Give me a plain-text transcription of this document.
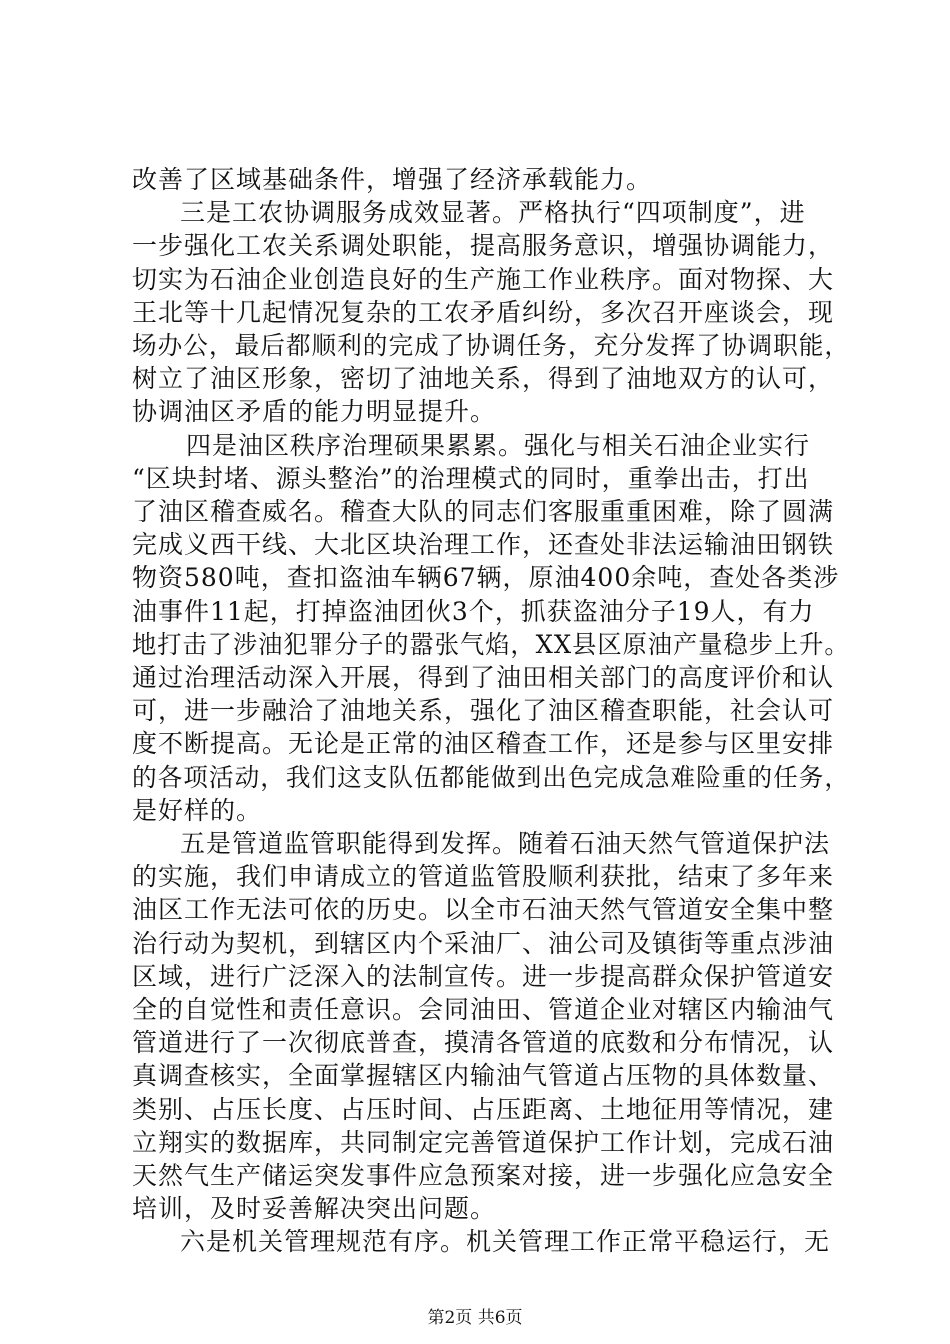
改善了区域基础条件，增强了经济承载能力。
三是工农协调服务成效显著。严格执行“四项制度”，进
一步强化工农关系调处职能，提高服务意识，增强协调能力，
切实为石油企业创造良好的生产施工作业秩序。面对物探、大
王北等十几起情况复杂的工农矛盾纠纷，多次召开座谈会，现
场办公，最后都顺利的完成了协调任务，充分发挥了协调职能，
树立了油区形象，密切了油地关系，得到了油地双方的认可，
协调油区矛盾的能力明显提升。
四是油区秩序治理硕果累累。强化与相关石油企业实行
“区块封堵、源头整治”的治理模式的同时，重拳出击，打出
了油区稽查威名。稽查大队的同志们客服重重困难，除了圆满
完成义西干线、大北区块治理工作，还查处非法运输油田钢铁
物资580吨，查扣盗油车辆67辆，原油400余吨，查处各类涉
油事件11起，打掉盗油团伙3个，抓获盗油分子19人，有力
地打击了涉油犯罪分子的嚣张气焰，XX县区原油产量稳步上升。
通过治理活动深入开展，得到了油田相关部门的高度评价和认
可，进一步融洽了油地关系，强化了油区稽查职能，社会认可
度不断提高。无论是正常的油区稽查工作，还是参与区里安排
的各项活动，我们这支队伍都能做到出色完成急难险重的任务，
是好样的。
五是管道监管职能得到发挥。随着石油天然气管道保护法
的实施，我们申请成立的管道监管股顺利获批，结束了多年来
油区工作无法可依的历史。以全市石油天然气管道安全集中整
治行动为契机，到辖区内个采油厂、油公司及镇街等重点涉油
区域，进行广泛深入的法制宣传。进一步提高群众保护管道安
全的自觉性和责任意识。会同油田、管道企业对辖区内输油气
管道进行了一次彻底普查，摸清各管道的底数和分布情况，认
真调查核实，全面掌握辖区内输油气管道占压物的具体数量、
类别、占压长度、占压时间、占压距离、土地征用等情况，建
立翔实的数据库，共同制定完善管道保护工作计划，完成石油
天然气生产储运突发事件应急预案对接，进一步强化应急安全
培训，及时妥善解决突出问题。
六是机关管理规范有序。机关管理工作正常平稳运行，无
第2页 共6页
